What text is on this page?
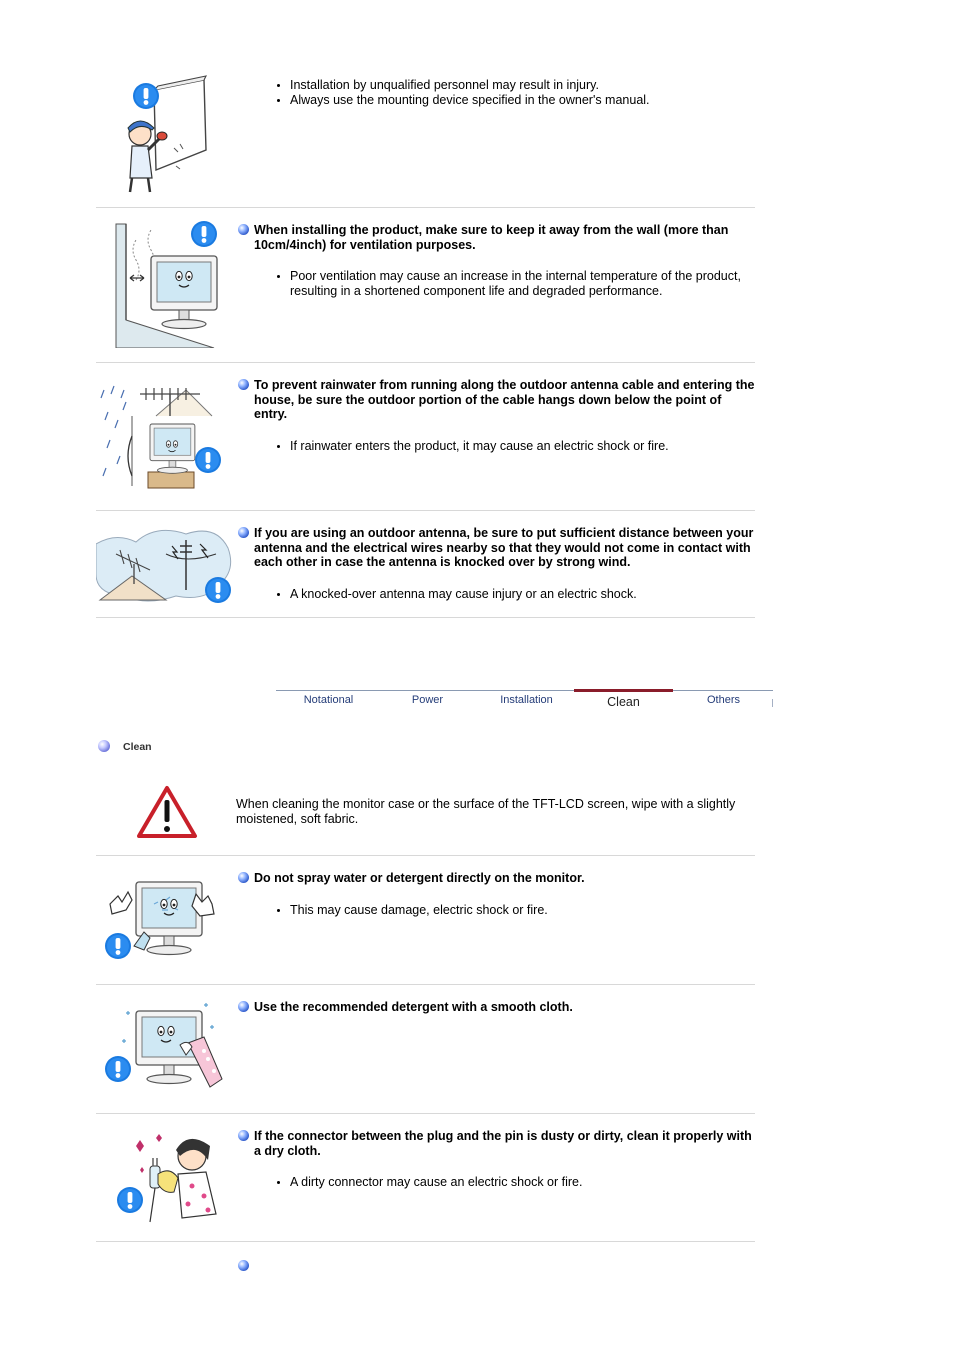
Installation by unqualified personnel may result in injury.
Always use the mounting device specified in the owner's manual.
When installing the product, make sure to keep it away from the wall (more than 10cm/4inch) for ventilation purposes.
Poor ventilation may cause an increase in the internal temperature of the product, resulting in a shortened component life and degraded performance.
To prevent rainwater from running along the outdoor antenna cable and entering the house, be sure the outdoor portion of the cable hangs down below the point of entry.
If rainwater enters the product, it may cause an electric shock or fire.
If you are using an outdoor antenna, be sure to put sufficient distance between your antenna and the electrical wires nearby so that they would not come in contact with each other in case the antenna is knocked over by strong wind.
A knocked-over antenna may cause injury or an electric shock.
Notational	Power	Installation	Clean	Others
Clean
When cleaning the monitor case or the surface of the TFT-LCD screen, wipe with a slightly moistened, soft fabric.
Do not spray water or detergent directly on the monitor.
This may cause damage, electric shock or fire.
Use the recommended detergent with a smooth cloth.
If the connector between the plug and the pin is dusty or dirty, clean it properly with a dry cloth.
A dirty connector may cause an electric shock or fire.
